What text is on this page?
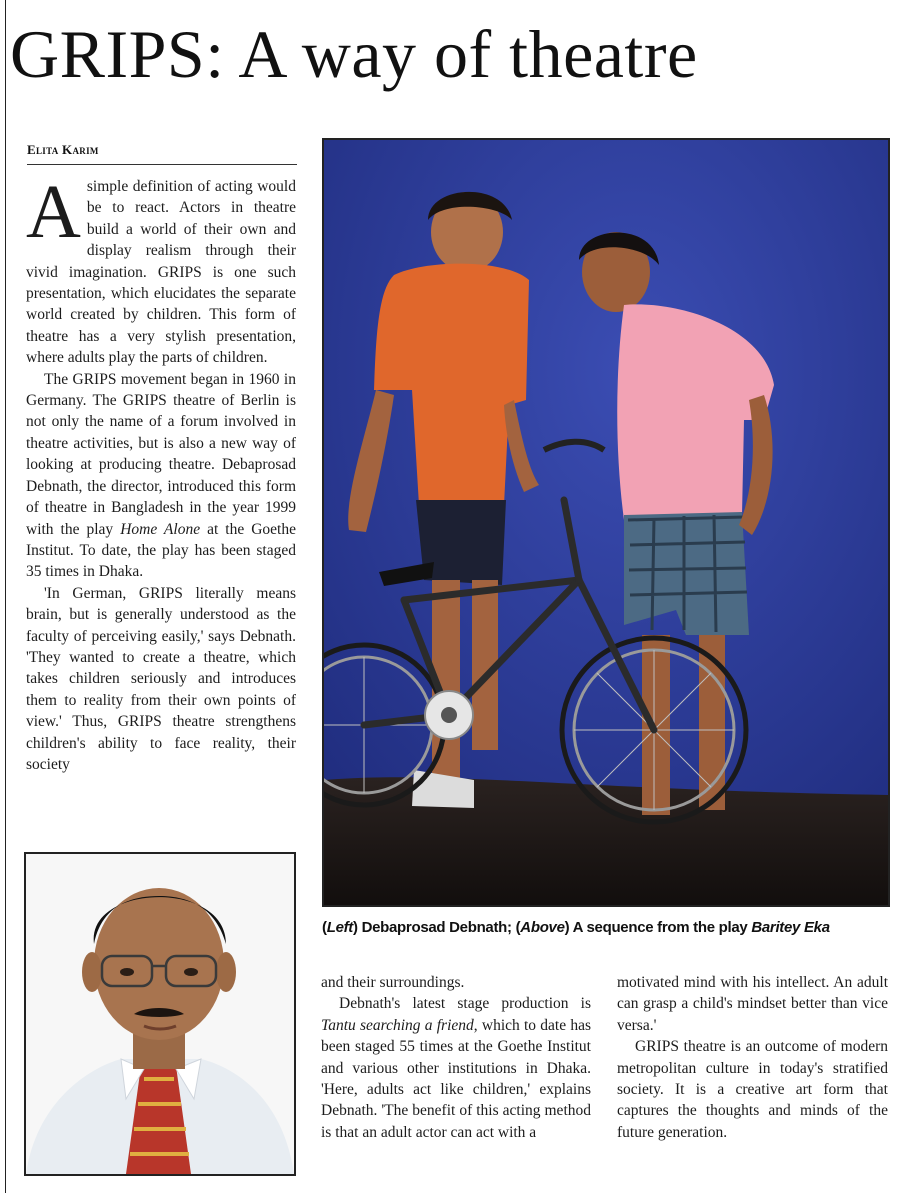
GRIPS: A way of theatre
Elita Karim

Asimple definition of acting would be to react. Actors in theatre build a world of their own and display realism through their vivid imagination. GRIPS is one such presentation, which elucidates the separate world created by children. This form of theatre has a very stylish presentation, where adults play the parts of children.

The GRIPS movement began in 1960 in Germany. The GRIPS theatre of Berlin is not only the name of a forum involved in theatre activities, but is also a new way of looking at producing theatre. Debaprosad Debnath, the director, introduced this form of theatre in Bangladesh in the year 1999 with the play Home Alone at the Goethe Institut. To date, the play has been staged 35 times in Dhaka.

'In German, GRIPS literally means brain, but is generally understood as the faculty of perceiving easily,' says Debnath. 'They wanted to create a theatre, which takes children seriously and introduces them to reality from their own points of view.' Thus, GRIPS theatre strengthens children's ability to face reality, their society

(Left) Debaprosad Debnath; (Above) A sequence from the play Baritey Eka

and their surroundings.

Debnath's latest stage production is Tantu searching a friend, which to date has been staged 55 times at the Goethe Institut and various other institutions in Dhaka. 'Here, adults act like children,' explains Debnath. 'The benefit of this acting method is that an adult actor can act with a

motivated mind with his intellect. An adult can grasp a child's mindset better than vice versa.'

GRIPS theatre is an outcome of modern metropolitan culture in today's stratified society. It is a creative art form that captures the thoughts and minds of the future generation.
